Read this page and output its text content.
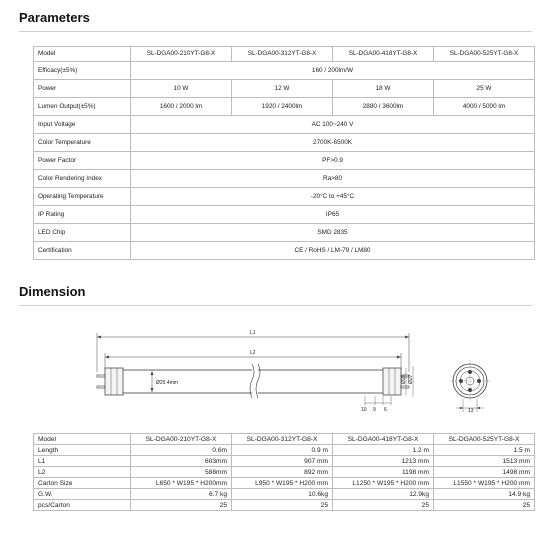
Parameters
Model	SL-DGA00-210YT-G8-X	SL-DGA00-312YT-G8-X	SL-DGA00-418YT-G8-X	SL-DGA00-525YT-G8-X
Efficacy(±5%)	160 / 200lm/W			
Power	10 W	12 W	18 W	25 W
Lumen Output(±5%)	1600 / 2000 lm	1920 / 2400lm	2880 / 3600lm	4000 / 5000 lm
Input Voltage	AC 100~240 V			
Color Temperature	2700K-6500K			
Power Factor	PF>0.9			
Color Rendering Index	Ra>80			
Operating Temperature	-20°C to +45°C			
IP Rating	IP65			
LED Chip	SMD 2835			
Certification	CE / RoHS / LM-79 / LM80			
Dimension
L1
L2
Ø25.4mm	Ø26 Ø27
10 9 6	13
Model	SL-DGA00-210YT-G8-X	SL-DGA00-312YT-G8-X	SL-DGA00-418YT-G8-X	SL-DGA00-525YT-G8-X
Length	0.6m	0.9 m	1.2 m	1.5 m
L1	603mm	907 mm	1213 mm	1513 mm
L2	588mm	892 mm	1198 mm	1498 mm
Carton Size	L650 * W195 * H200mm	L950 * W195 * H200 mm	L1250 * W195 * H200 mm	L1550 * W195 * H200 mm
G.W.	6.7 kg	10.6kg	12.9kg	14.9 kg
pcs/Carton	25	25	25	25
